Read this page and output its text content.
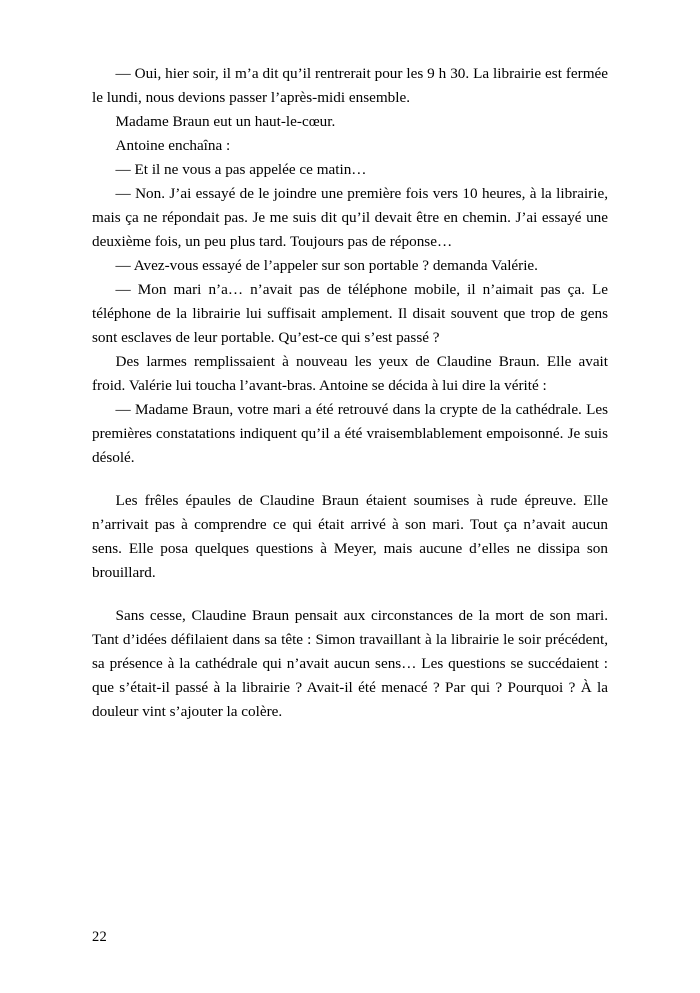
— Oui, hier soir, il m’a dit qu’il rentrerait pour les 9 h 30. La librairie est fermée le lundi, nous devions passer l’après-midi ensemble.

Madame Braun eut un haut-le-cœur.

Antoine enchaîna :

— Et il ne vous a pas appelée ce matin…

— Non. J’ai essayé de le joindre une première fois vers 10 heures, à la librairie, mais ça ne répondait pas. Je me suis dit qu’il devait être en chemin. J’ai essayé une deuxième fois, un peu plus tard. Toujours pas de réponse…

— Avez-vous essayé de l’appeler sur son portable ? demanda Valérie.

— Mon mari n’a… n’avait pas de téléphone mobile, il n’aimait pas ça. Le téléphone de la librairie lui suffisait amplement. Il disait souvent que trop de gens sont esclaves de leur portable. Qu’est-ce qui s’est passé ?

Des larmes remplissaient à nouveau les yeux de Claudine Braun. Elle avait froid. Valérie lui toucha l’avant-bras. Antoine se décida à lui dire la vérité :

— Madame Braun, votre mari a été retrouvé dans la crypte de la cathédrale. Les premières constatations indiquent qu’il a été vraisemblablement empoisonné. Je suis désolé.

Les frêles épaules de Claudine Braun étaient soumises à rude épreuve. Elle n’arrivait pas à comprendre ce qui était arrivé à son mari. Tout ça n’avait aucun sens. Elle posa quelques questions à Meyer, mais aucune d’elles ne dissipa son brouillard.

Sans cesse, Claudine Braun pensait aux circonstances de la mort de son mari. Tant d’idées défilaient dans sa tête : Simon travaillant à la librairie le soir précédent, sa présence à la cathédrale qui n’avait aucun sens… Les questions se succédaient : que s’était-il passé à la librairie ? Avait-il été menacé ? Par qui ? Pourquoi ? À la douleur vint s’ajouter la colère.

22
